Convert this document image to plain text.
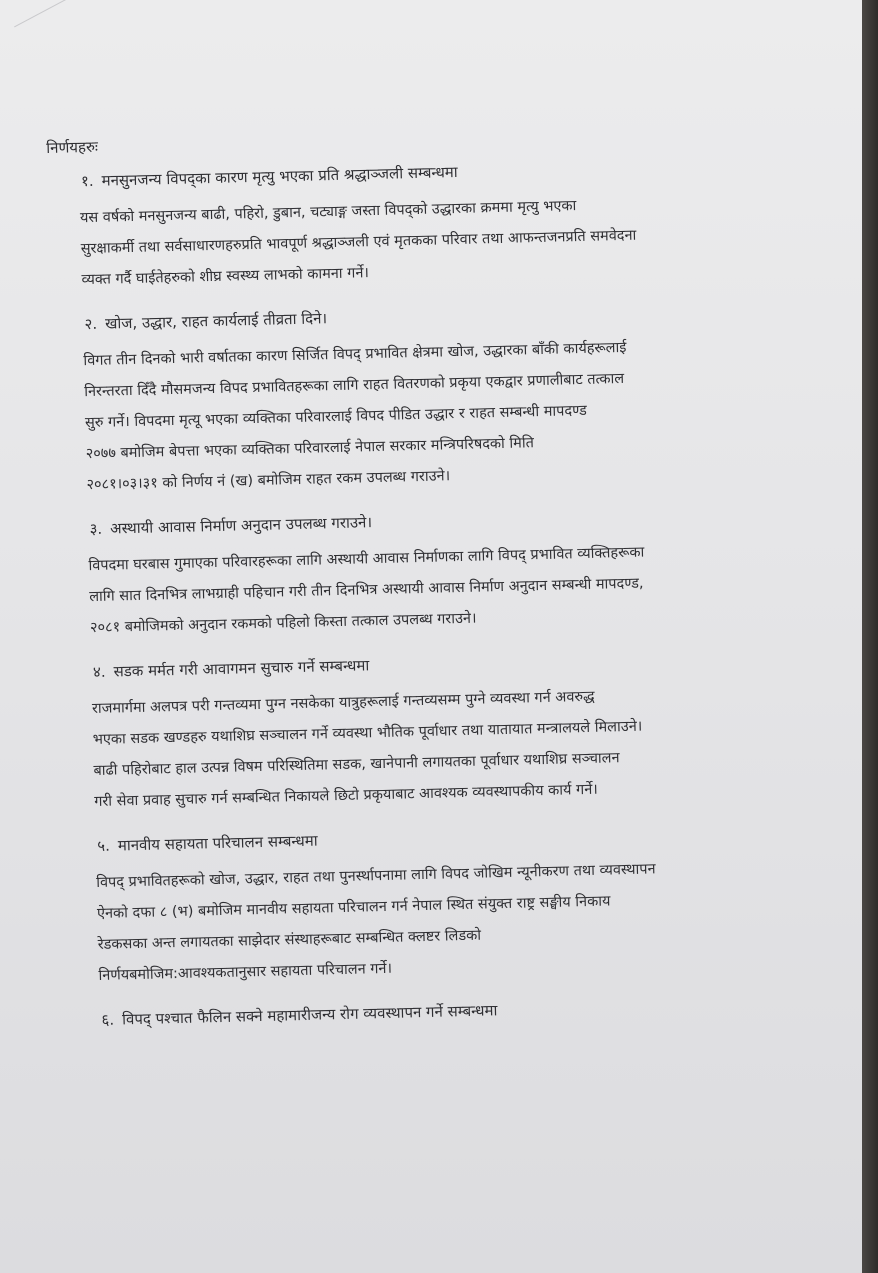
निर्णयहरुः
१. मनसुनजन्य विपद्का कारण मृत्यु भएका प्रति श्रद्धाञ्जली सम्बन्धमा
यस वर्षको मनसुनजन्य बाढी, पहिरो, डुबान, चट्याङ्ग जस्ता विपद्को उद्धारका क्रममा मृत्यु भएका
सुरक्षाकर्मी तथा सर्वसाधारणहरुप्रति भावपूर्ण श्रद्धाञ्जली एवं मृतकका परिवार तथा आफन्तजनप्रति समवेदना
व्यक्त गर्दै घाईतेहरुको शीघ्र स्वस्थ्य लाभको कामना गर्ने।
२. खोज, उद्धार, राहत कार्यलाई तीव्रता दिने।
विगत तीन दिनको भारी वर्षातका कारण सिर्जित विपद् प्रभावित क्षेत्रमा खोज, उद्धारका बाँकी कार्यहरूलाई
निरन्तरता दिँदै मौसमजन्य विपद प्रभावितहरूका लागि राहत वितरणको प्रकृया एकद्वार प्रणालीबाट तत्काल
सुरु गर्ने। विपदमा मृत्यू भएका व्यक्तिका परिवारलाई विपद पीडित उद्धार र राहत सम्बन्धी मापदण्ड
२०७७ बमोजिम बेपत्ता भएका व्यक्तिका परिवारलाई नेपाल सरकार मन्त्रिपरिषदको मिति
२०८१।०३।३१ को निर्णय नं (ख) बमोजिम राहत रकम उपलब्ध गराउने।
३. अस्थायी आवास निर्माण अनुदान उपलब्ध गराउने।
विपदमा घरबास गुमाएका परिवारहरूका लागि अस्थायी आवास निर्माणका लागि विपद् प्रभावित व्यक्तिहरूका
लागि सात दिनभित्र लाभग्राही पहिचान गरी तीन दिनभित्र अस्थायी आवास निर्माण अनुदान सम्बन्धी मापदण्ड,
२०८१ बमोजिमको अनुदान रकमको पहिलो किस्ता तत्काल उपलब्ध गराउने।
४. सडक मर्मत गरी आवागमन सुचारु गर्ने सम्बन्धमा
राजमार्गमा अलपत्र परी गन्तव्यमा पुग्न नसकेका यात्रुहरूलाई गन्तव्यसम्म पुग्ने व्यवस्था गर्न अवरुद्ध
भएका सडक खण्डहरु यथाशिघ्र सञ्चालन गर्ने व्यवस्था भौतिक पूर्वाधार तथा यातायात मन्त्रालयले मिलाउने।
बाढी पहिरोबाट हाल उत्पन्न विषम परिस्थितिमा सडक, खानेपानी लगायतका पूर्वाधार यथाशिघ्र सञ्चालन
गरी सेवा प्रवाह सुचारु गर्न सम्बन्धित निकायले छिटो प्रकृयाबाट आवश्यक व्यवस्थापकीय कार्य गर्ने।
५. मानवीय सहायता परिचालन सम्बन्धमा
विपद् प्रभावितहरूको खोज, उद्धार, राहत तथा पुनर्स्थापनामा लागि विपद जोखिम न्यूनीकरण तथा व्यवस्थापन
ऐनको दफा ८ (भ) बमोजिम मानवीय सहायता परिचालन गर्न नेपाल स्थित संयुक्त राष्ट्र सङ्घीय निकाय
रेडकसका अन्त लगायतका साझेदार संस्थाहरूबाट सम्बन्धित क्लष्टर लिडको
निर्णयबमोजिम:आवश्यकतानुसार सहायता परिचालन गर्ने।
६. विपद् पश्चात फैलिन सक्ने महामारीजन्य रोग व्यवस्थापन गर्ने सम्बन्धमा
